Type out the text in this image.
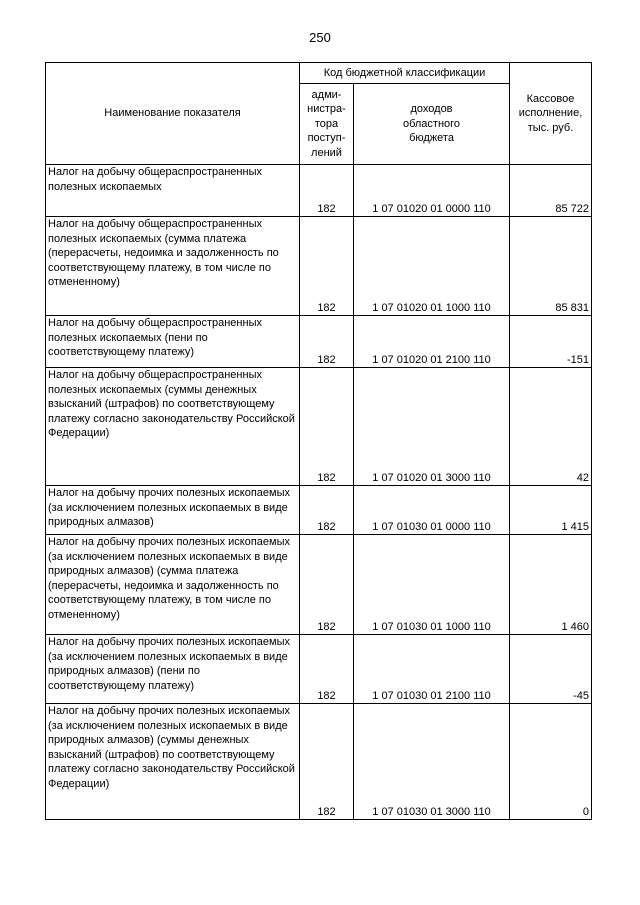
250
Наименование показателя	Код бюджетной классификации		Кассовое
исполнение,
тыс. руб.
	адми-
нистра-
тора
поступ-
лений	доходов
областного
бюджета	
Налог на добычу общераспространенных полезных ископаемых	182	1 07 01020 01 0000 110	85 722
Налог на добычу общераспространенных полезных ископаемых (сумма платежа (перерасчеты, недоимка и задолженность по соответствующему платежу, в том числе по отмененному)	182	1 07 01020 01 1000 110	85 831

Налог на добычу общераспространенных полезных ископаемых (пени по соответствующему платежу)	182	1 07 01020 01 2100 110	-151
Налог на добычу общераспространенных полезных ископаемых (суммы денежных взысканий (штрафов) по соответствующему платежу согласно законодательству Российской Федерации)	182	1 07 01020 01 3000 110	42
Налог на добычу прочих полезных ископаемых (за исключением полезных ископаемых в виде природных алмазов)	182	1 07 01030 01 0000 110	1 415
Налог на добычу прочих полезных ископаемых (за исключением полезных ископаемых в виде природных алмазов) (сумма платежа (перерасчеты, недоимка и задолженность по соответствующему платежу, в том числе по отмененному)	182	1 07 01030 01 1000 110	1 460
Налог на добычу прочих полезных ископаемых (за исключением полезных ископаемых в виде природных алмазов) (пени по соответствующему платежу)	182	1 07 01030 01 2100 110	-45
Налог на добычу прочих полезных ископаемых (за исключением полезных ископаемых в виде природных алмазов) (суммы денежных взысканий (штрафов) по соответствующему платежу согласно законодательству Российской Федерации)	182	1 07 01030 01 3000 110	0
